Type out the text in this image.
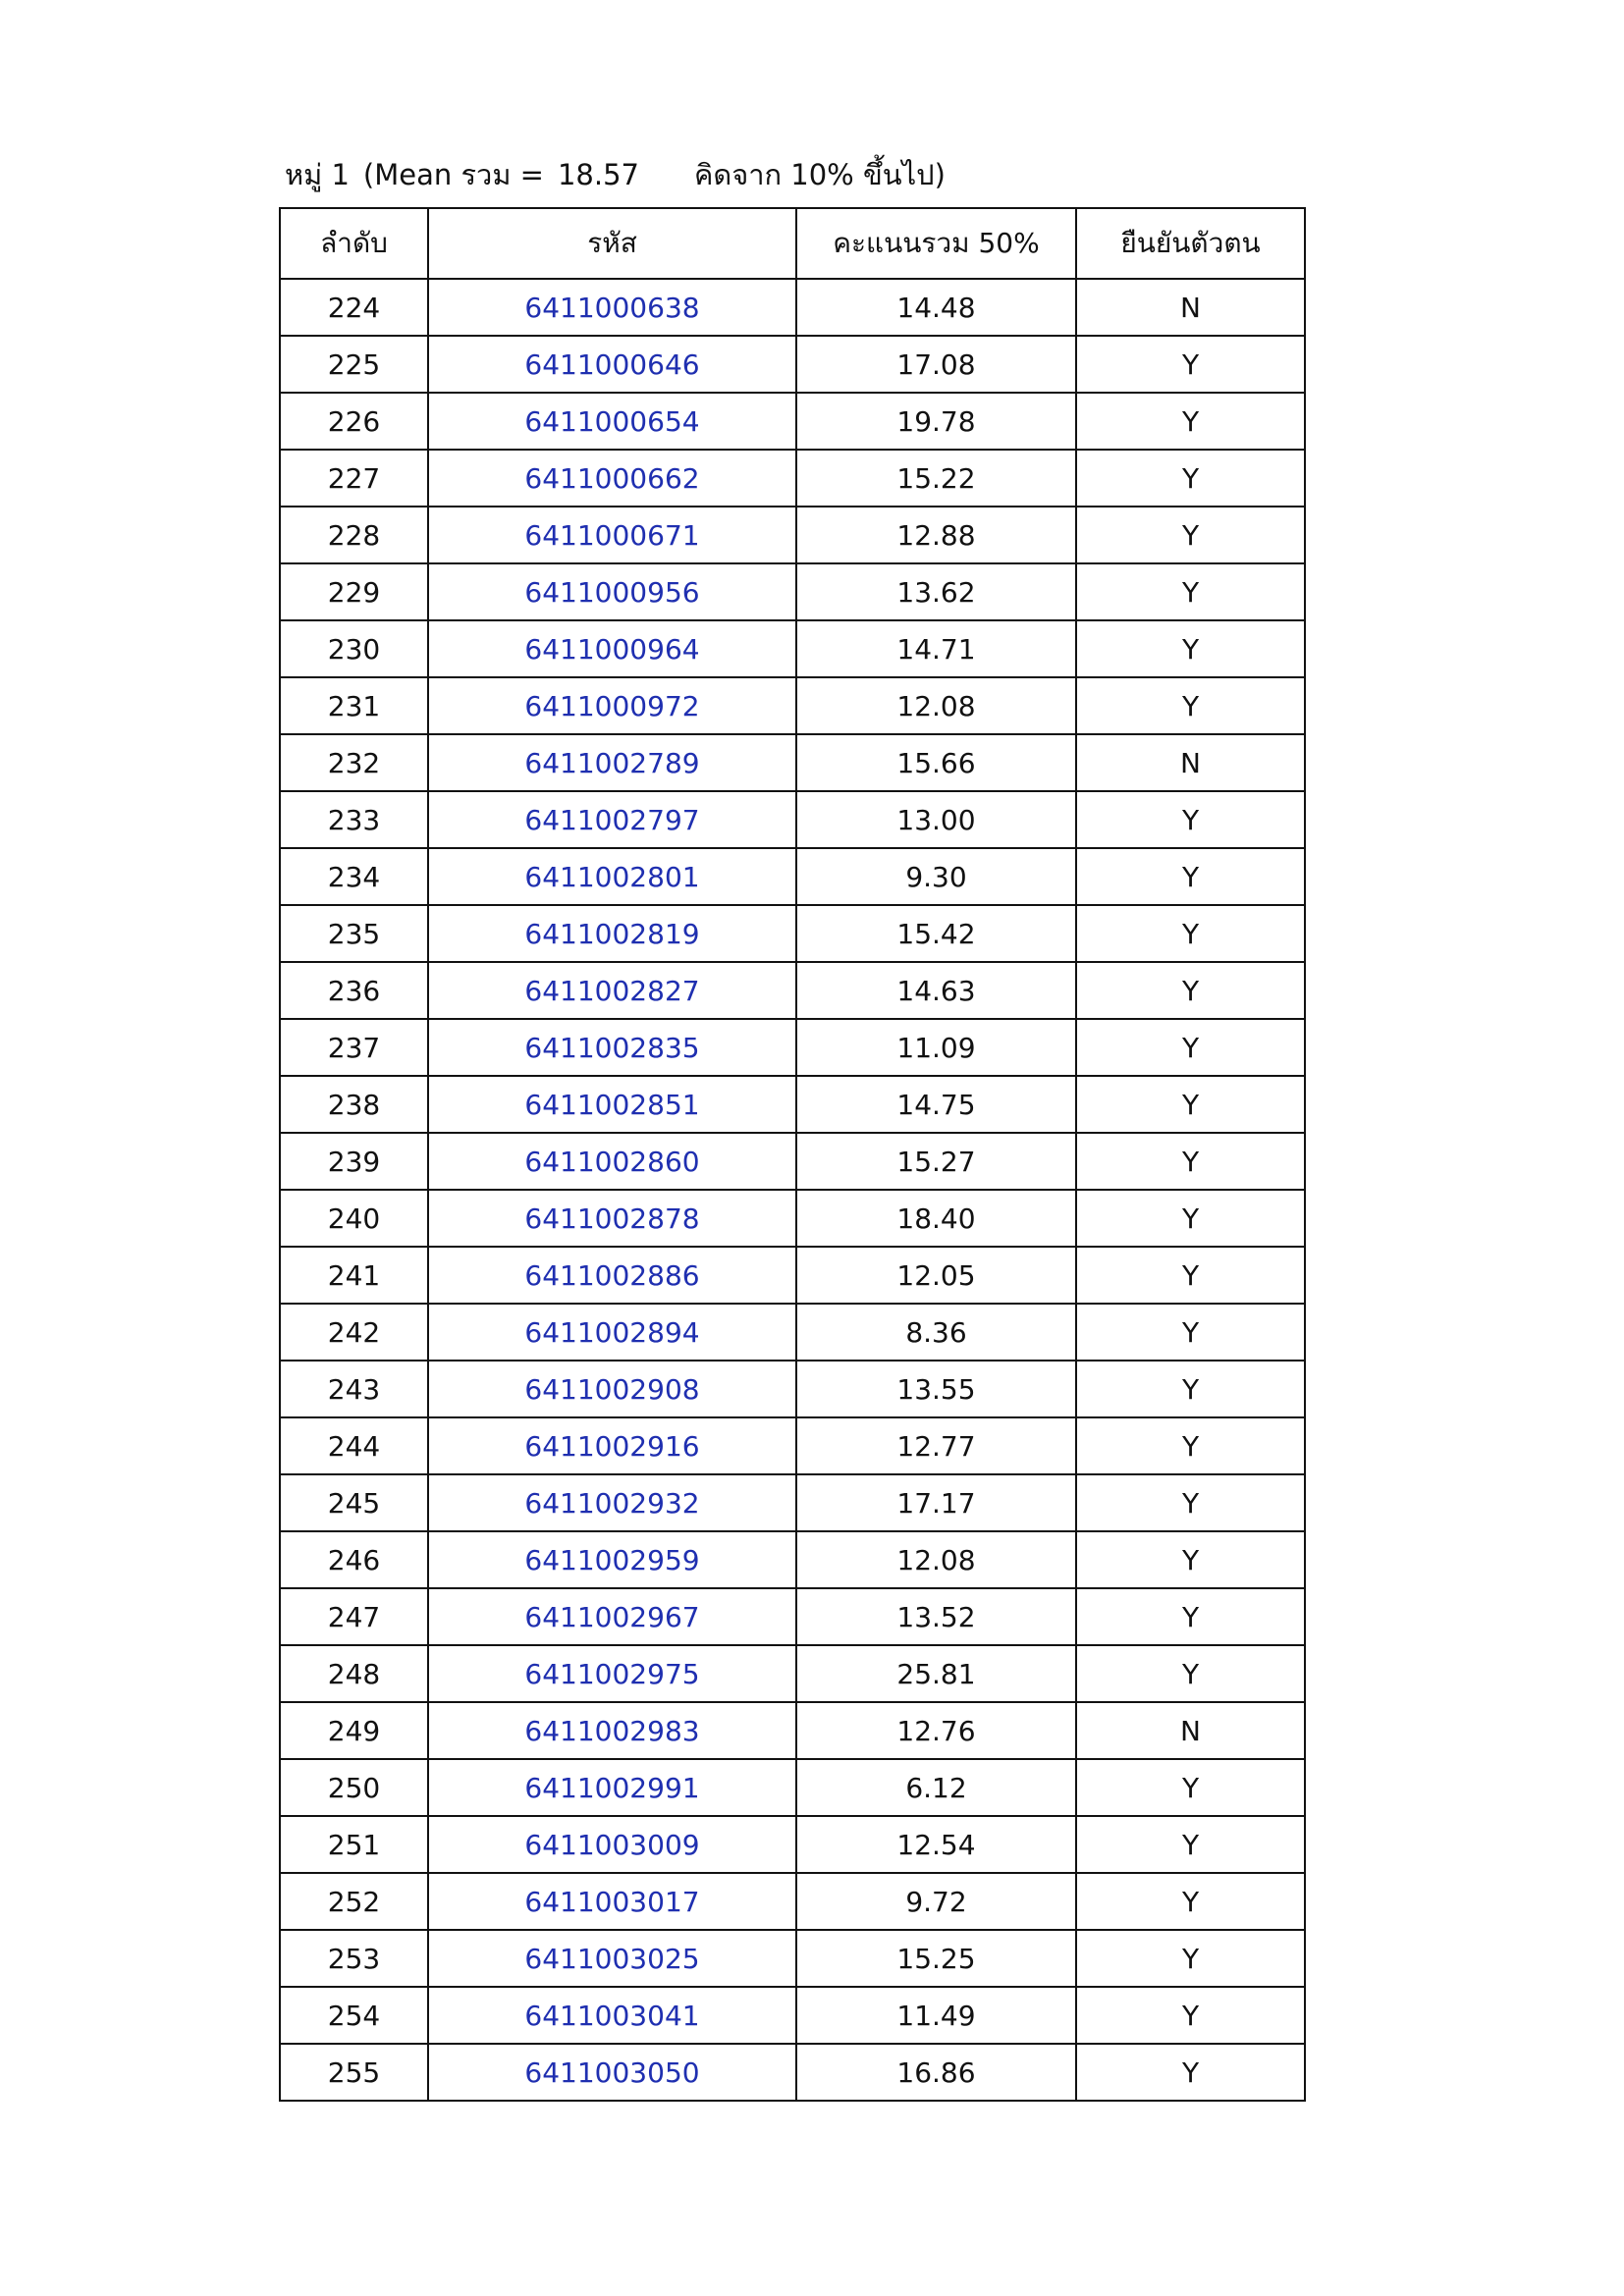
หมู่ 1 (Mean รวม = 18.57 คิดจาก 10% ขึ้นไป)
ลำดับ	รหัส	คะแนนรวม 50%	ยืนยันตัวตน
224	6411000638	14.48	N
225	6411000646	17.08	Y
226	6411000654	19.78	Y
227	6411000662	15.22	Y
228	6411000671	12.88	Y
229	6411000956	13.62	Y
230	6411000964	14.71	Y
231	6411000972	12.08	Y
232	6411002789	15.66	N
233	6411002797	13.00	Y
234	6411002801	9.30	Y
235	6411002819	15.42	Y
236	6411002827	14.63	Y
237	6411002835	11.09	Y
238	6411002851	14.75	Y
239	6411002860	15.27	Y
240	6411002878	18.40	Y
241	6411002886	12.05	Y
242	6411002894	8.36	Y
243	6411002908	13.55	Y
244	6411002916	12.77	Y
245	6411002932	17.17	Y
246	6411002959	12.08	Y
247	6411002967	13.52	Y
248	6411002975	25.81	Y
249	6411002983	12.76	N
250	6411002991	6.12	Y
251	6411003009	12.54	Y
252	6411003017	9.72	Y
253	6411003025	15.25	Y
254	6411003041	11.49	Y
255	6411003050	16.86	Y
